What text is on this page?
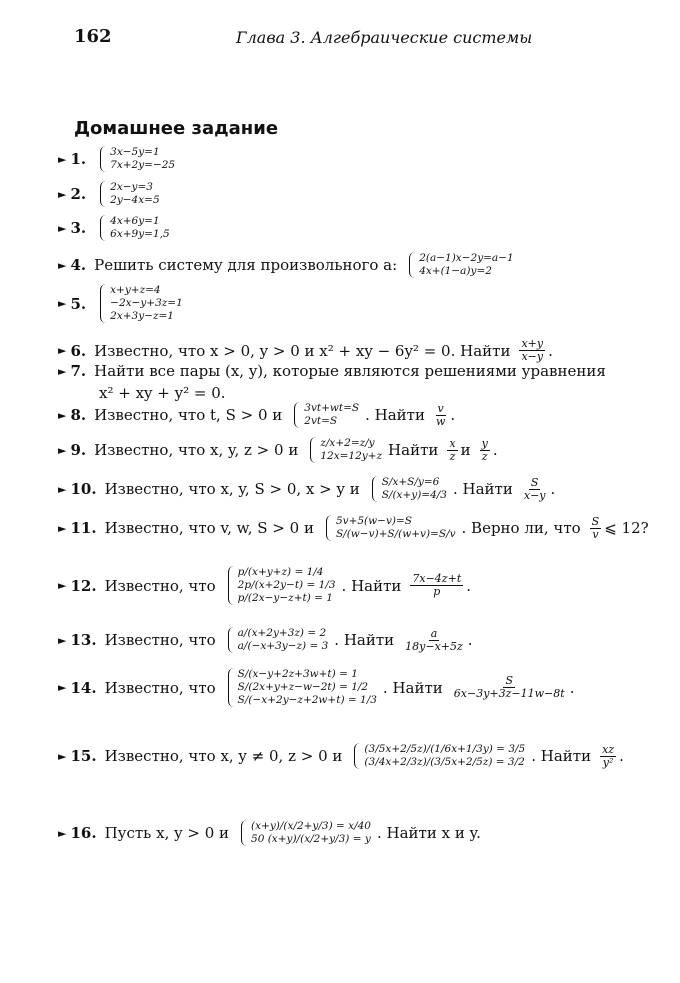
162	Глава 3. Алгебраические системы
Домашнее задание
► 1. 3x−5y=1
7x+2y=−25
► 2. 2x−y=3
2y−4x=5
► 3. 4x+6y=1
6x+9y=1,5
► 4. Решить систему для произвольного a: 2(a−1)x−2y=a−1
4x+(1−a)y=2
► 5.
x+y+z=4
−2x−y+3z=1
2x+3y−z=1
► 6. Известно, что x > 0, y > 0 и x² + xy − 6y² = 0. Найти $\frac{x+y}{x-y}$ .
► 7. Найти все пары (x, y), которые являются решениями уравнения
x² + xy + y² = 0.
► 8. Известно, что t, S > 0 и 3vt+wt=S
2vt=S	. Найти $\frac{v}{w}$ .
► 9. Известно, что x, y, z > 0 и z/x+2=z/y
12x=12y+z Найти $\frac{x}{z}$ и $\frac{y}{z}$ .
► 10. Известно, что x, y, S > 0, x > y и S/x+S/y=6
S/(x+y)=4/3 . Найти $\frac{S}{x-y}$ .
► 11. Известно, что v, w, S > 0 и 5v+5(w−v)=S
S/(w−v)+S/(w+v)=S/v . Верно ли, что $\frac{S}{v}$ ⩽ 12?
► 12. Известно, что
p/(x+y+z) = 1/4
2p/(x+2y−t) = 1/3
p/(2x−y−z+t) = 1
. Найти $\frac{7x-4z+t}{p}$ .
► 13. Известно, что a/(x+2y+3z) = 2
a/(−x+3y−z) = 3 . Найти $\frac{a}{18y-x+5z}$ .
► 14. Известно, что
S/(x−y+2z+3w+t) = 1
S/(2x+y+z−w−2t) = 1/2
S/(−x+2y−z+2w+t) = 1/3
. Найти $\frac{S}{6x-3y+3z-11w-8t}$ .
► 15. Известно, что x, y ≠ 0, z > 0 и (3/5x+2/5z)/(1/6x+1/3y) = 3/5
(3/4x+2/3z)/(3/5x+2/5z) = 3/2 . Найти $\frac{xz}{\text{y²}}$ .
► 16. Пусть x, y > 0 и (x+y)/(x/2+y/3) = x/40
50 (x+y)/(x/2+y/3) = y . Найти x и y.
